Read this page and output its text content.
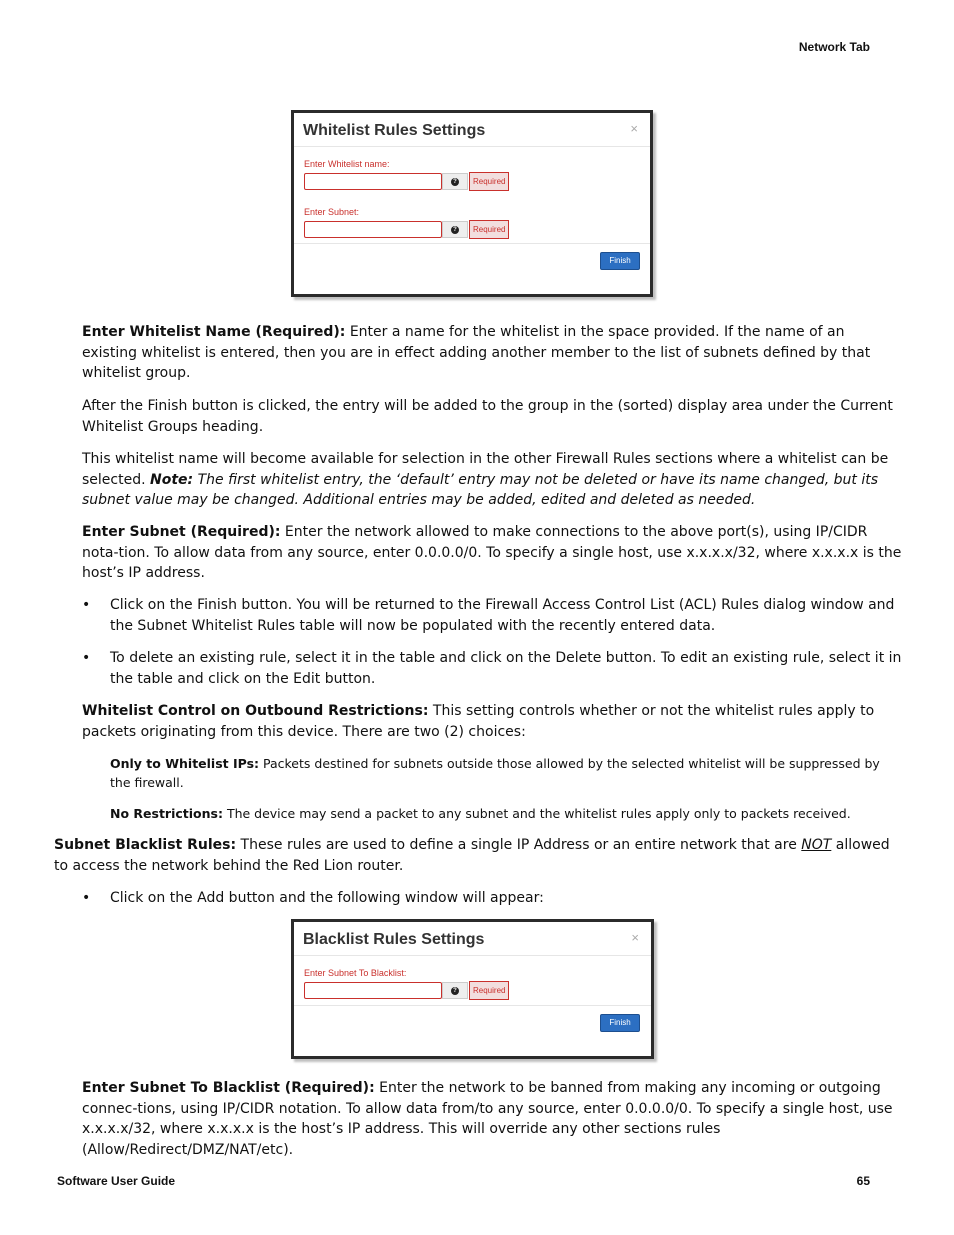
Network Tab
Whitelist Rules Settings	×
Enter Whitelist name:
?	Required
Enter Subnet:
?	Required
Finish

Enter Whitelist Name (Required): Enter a name for the whitelist in the space provided. If the name of an existing whitelist is entered, then you are in effect adding another member to the list of subnets defined by that whitelist group.

After the Finish button is clicked, the entry will be added to the group in the (sorted) display area under the Current Whitelist Groups heading.

This whitelist name will become available for selection in the other Firewall Rules sections where a whitelist can be selected. Note: The first whitelist entry, the ‘default’ entry may not be deleted or have its name changed, but its subnet value may be changed. Additional entries may be added, edited and deleted as needed.

Enter Subnet (Required): Enter the network allowed to make connections to the above port(s), using IP/CIDR nota-tion. To allow data from any source, enter 0.0.0.0/0. To specify a single host, use x.x.x.x/32, where x.x.x.x is the host’s IP address.

• Click on the Finish button. You will be returned to the Firewall Access Control List (ACL) Rules dialog window and the Subnet Whitelist Rules table will now be populated with the recently entered data.

• To delete an existing rule, select it in the table and click on the Delete button. To edit an existing rule, select it in the table and click on the Edit button.

Whitelist Control on Outbound Restrictions: This setting controls whether or not the whitelist rules apply to packets originating from this device. There are two (2) choices:

Only to Whitelist IPs: Packets destined for subnets outside those allowed by the selected whitelist will be suppressed by the firewall.

No Restrictions: The device may send a packet to any subnet and the whitelist rules apply only to packets received.

Subnet Blacklist Rules: These rules are used to define a single IP Address or an entire network that are NOT allowed to access the network behind the Red Lion router.

• Click on the Add button and the following window will appear:

Blacklist Rules Settings	×
Enter Subnet To Blacklist:
?	Required
Finish

Enter Subnet To Blacklist (Required): Enter the network to be banned from making any incoming or outgoing connec-tions, using IP/CIDR notation. To allow data from/to any source, enter 0.0.0.0/0. To specify a single host, use x.x.x.x/32, where x.x.x.x is the host’s IP address. This will override any other sections rules (Allow/Redirect/DMZ/NAT/etc).

Software User Guide	65
